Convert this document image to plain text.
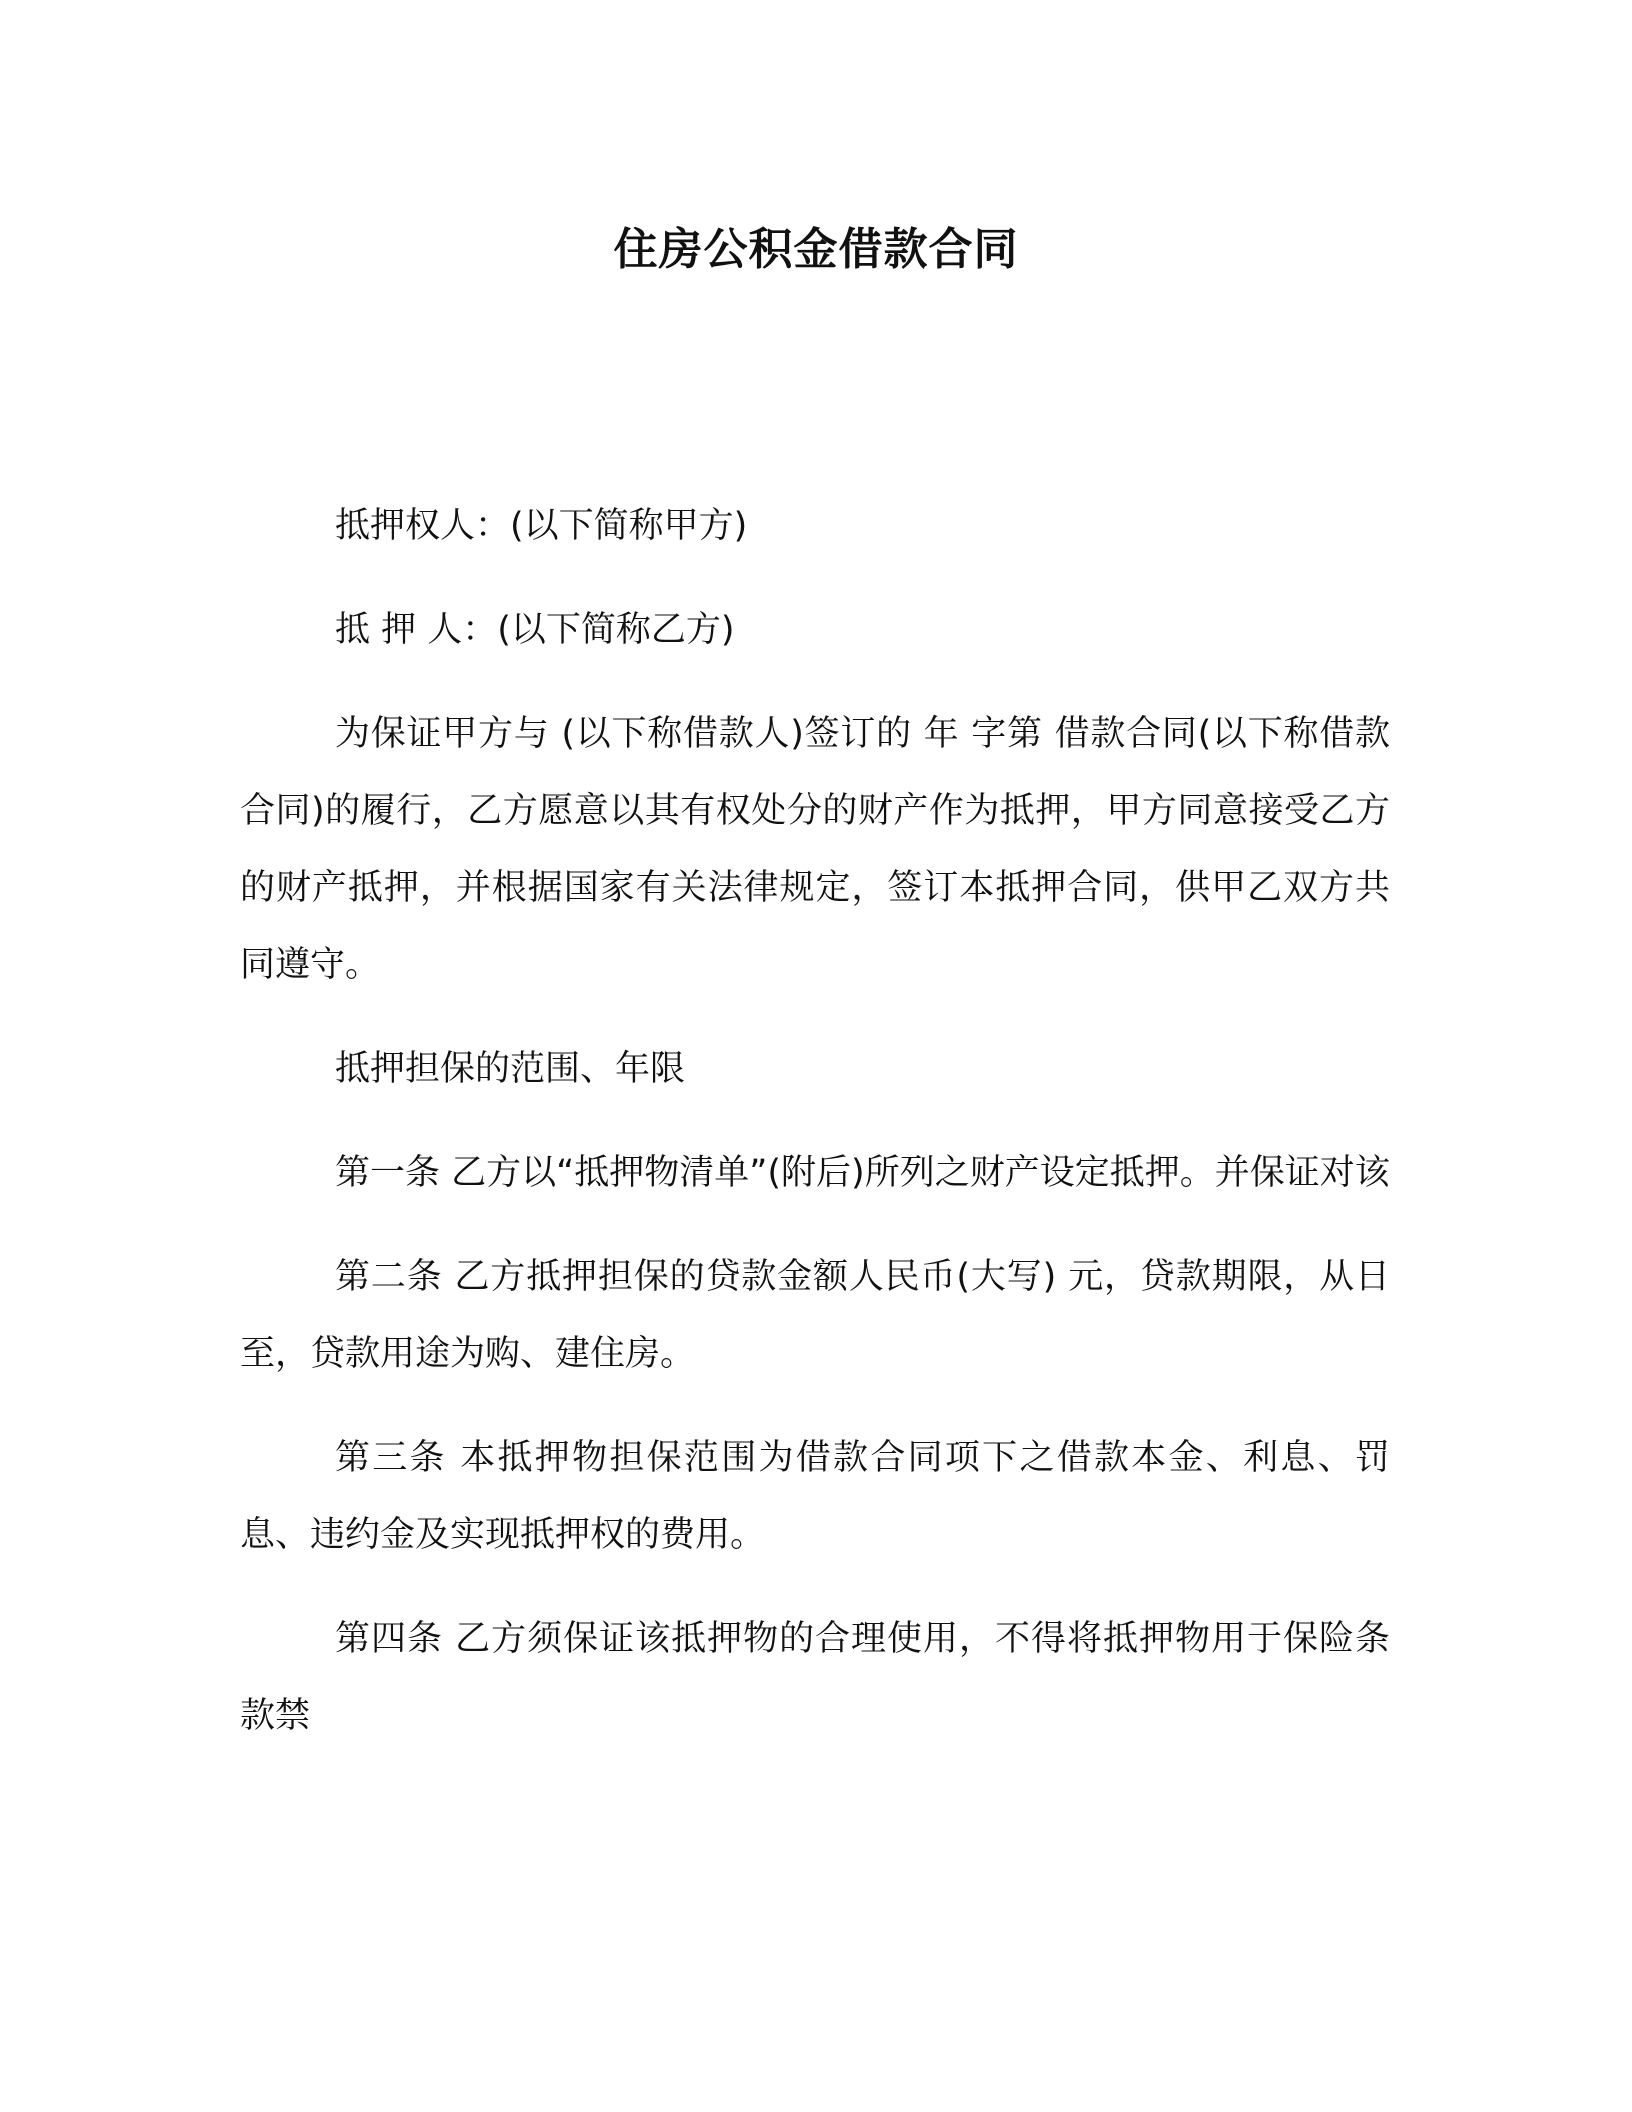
住房公积金借款合同

抵押权人：(以下简称甲方)

抵 押 人：(以下简称乙方)

为保证甲方与 (以下称借款人)签订的 年 字第 借款合同(以下称借款合同)的履行，乙方愿意以其有权处分的财产作为抵押，甲方同意接受乙方的财产抵押，并根据国家有关法律规定，签订本抵押合同，供甲乙双方共同遵守。

抵押担保的范围、年限

第一条 乙方以“抵押物清单”(附后)所列之财产设定抵押。并保证对该

第二条 乙方抵押担保的贷款金额人民币(大写) 元，贷款期限，从日至，贷款用途为购、建住房。

第三条 本抵押物担保范围为借款合同项下之借款本金、利息、罚息、违约金及实现抵押权的费用。

第四条 乙方须保证该抵押物的合理使用，不得将抵押物用于保险条款禁
